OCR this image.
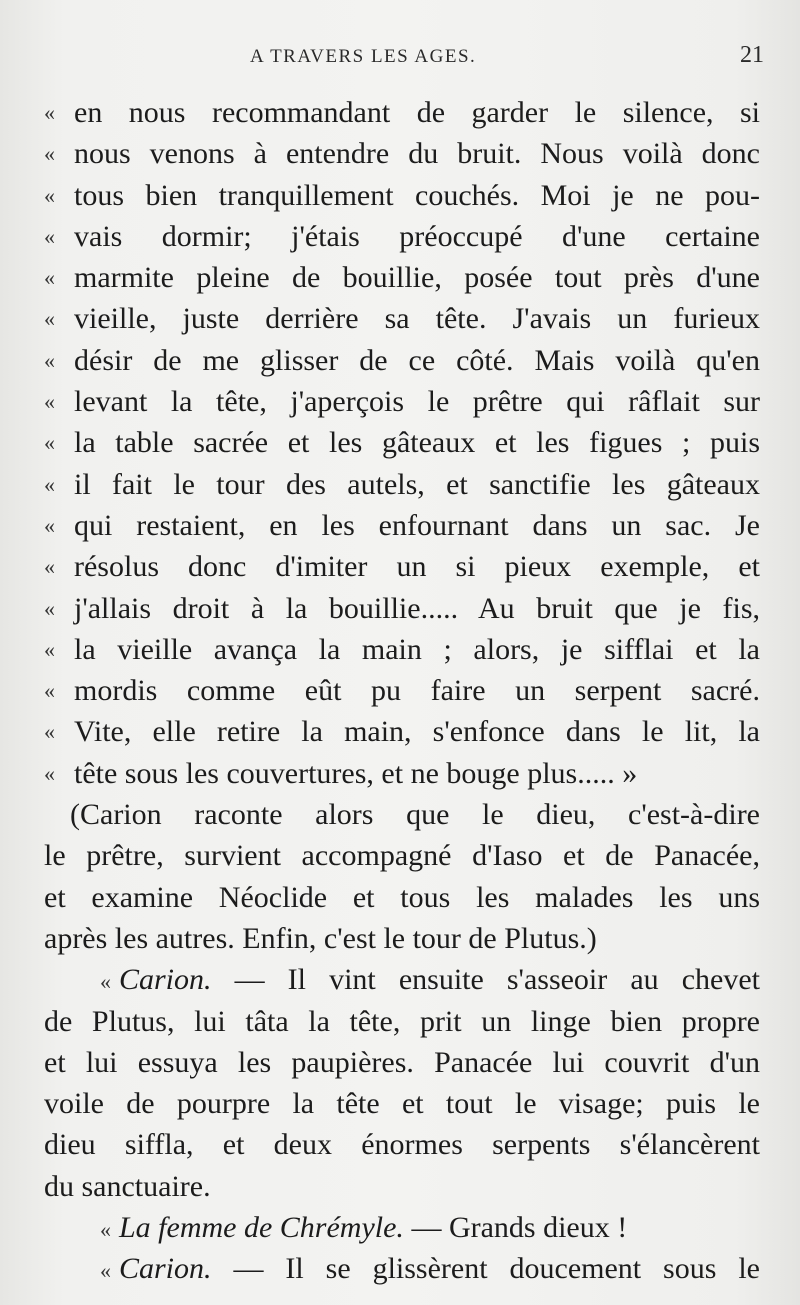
A TRAVERS LES AGES.	21
« en nous recommandant de garder le silence, si
« nous venons à entendre du bruit. Nous voilà donc
« tous bien tranquillement couchés. Moi je ne pou-
« vais dormir; j'étais préoccupé d'une certaine
« marmite pleine de bouillie, posée tout près d'une
« vieille, juste derrière sa tête. J'avais un furieux
« désir de me glisser de ce côté. Mais voilà qu'en
« levant la tête, j'aperçois le prêtre qui râflait sur
« la table sacrée et les gâteaux et les figues ; puis
« il fait le tour des autels, et sanctifie les gâteaux
« qui restaient, en les enfournant dans un sac. Je
« résolus donc d'imiter un si pieux exemple, et
« j'allais droit à la bouillie..... Au bruit que je fis,
« la vieille avança la main ; alors, je sifflai et la
« mordis comme eût pu faire un serpent sacré.
« Vite, elle retire la main, s'enfonce dans le lit, la
« tête sous les couvertures, et ne bouge plus..... »
(Carion raconte alors que le dieu, c'est-à-dire
le prêtre, survient accompagné d'Iaso et de Panacée,
et examine Néoclide et tous les malades les uns
après les autres. Enfin, c'est le tour de Plutus.)
« Carion. — Il vint ensuite s'asseoir au chevet
de Plutus, lui tâta la tête, prit un linge bien propre
et lui essuya les paupières. Panacée lui couvrit d'un
voile de pourpre la tête et tout le visage; puis le
dieu siffla, et deux énormes serpents s'élancèrent
du sanctuaire.
« La femme de Chrémyle. — Grands dieux !
« Carion. — Il se glissèrent doucement sous le
